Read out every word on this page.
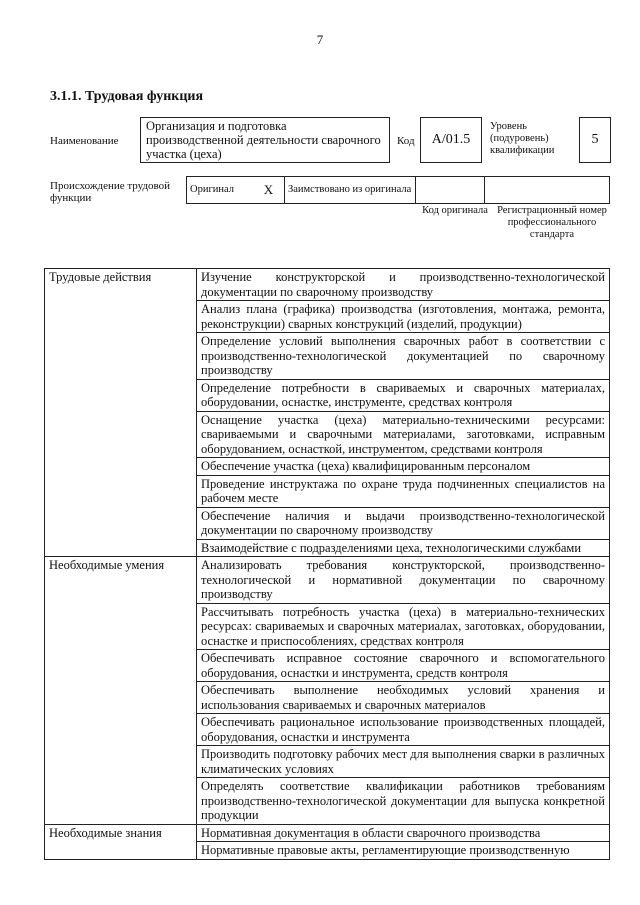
7
3.1.1. Трудовая функция
Наименование
Организация и подготовка производственной деятельности сварочного участка (цеха)
Код A/01.5
Уровень (подуровень) квалификации
5
Происхождение трудовой функции
Оригинал	X	Заимствовано из оригинала		
Код оригинала Регистрационный номер профессионального стандарта
Трудовые действия	Изучение конструкторской и производственно-технологической документации по сварочному производству
	Анализ плана (графика) производства (изготовления, монтажа, ремонта, реконструкции) сварных конструкций (изделий, продукции)
	Определение условий выполнения сварочных работ в соответствии с производственно-технологической документацией по сварочному производству
	Определение потребности в свариваемых и сварочных материалах, оборудовании, оснастке, инструменте, средствах контроля
	Оснащение участка (цеха) материально-техническими ресурсами: свариваемыми и сварочными материалами, заготовками, исправным оборудованием, оснасткой, инструментом, средствами контроля
	Обеспечение участка (цеха) квалифицированным персоналом
	Проведение инструктажа по охране труда подчиненных специалистов на рабочем месте
	Обеспечение наличия и выдачи производственно-технологической документации по сварочному производству
	Взаимодействие с подразделениями цеха, технологическими службами
Необходимые умения	Анализировать требования конструкторской, производственно-технологической и нормативной документации по сварочному производству
	Рассчитывать потребность участка (цеха) в материально-технических ресурсах: свариваемых и сварочных материалах, заготовках, оборудовании, оснастке и приспособлениях, средствах контроля
	Обеспечивать исправное состояние сварочного и вспомогательного оборудования, оснастки и инструмента, средств контроля
	Обеспечивать выполнение необходимых условий хранения и использования свариваемых и сварочных материалов
	Обеспечивать рациональное использование производственных площадей, оборудования, оснастки и инструмента
	Производить подготовку рабочих мест для выполнения сварки в различных климатических условиях
	Определять соответствие квалификации работников требованиям производственно-технологической документации для выпуска конкретной продукции
Необходимые знания	Нормативная документация в области сварочного производства
	Нормативные правовые акты, регламентирующие производственную
